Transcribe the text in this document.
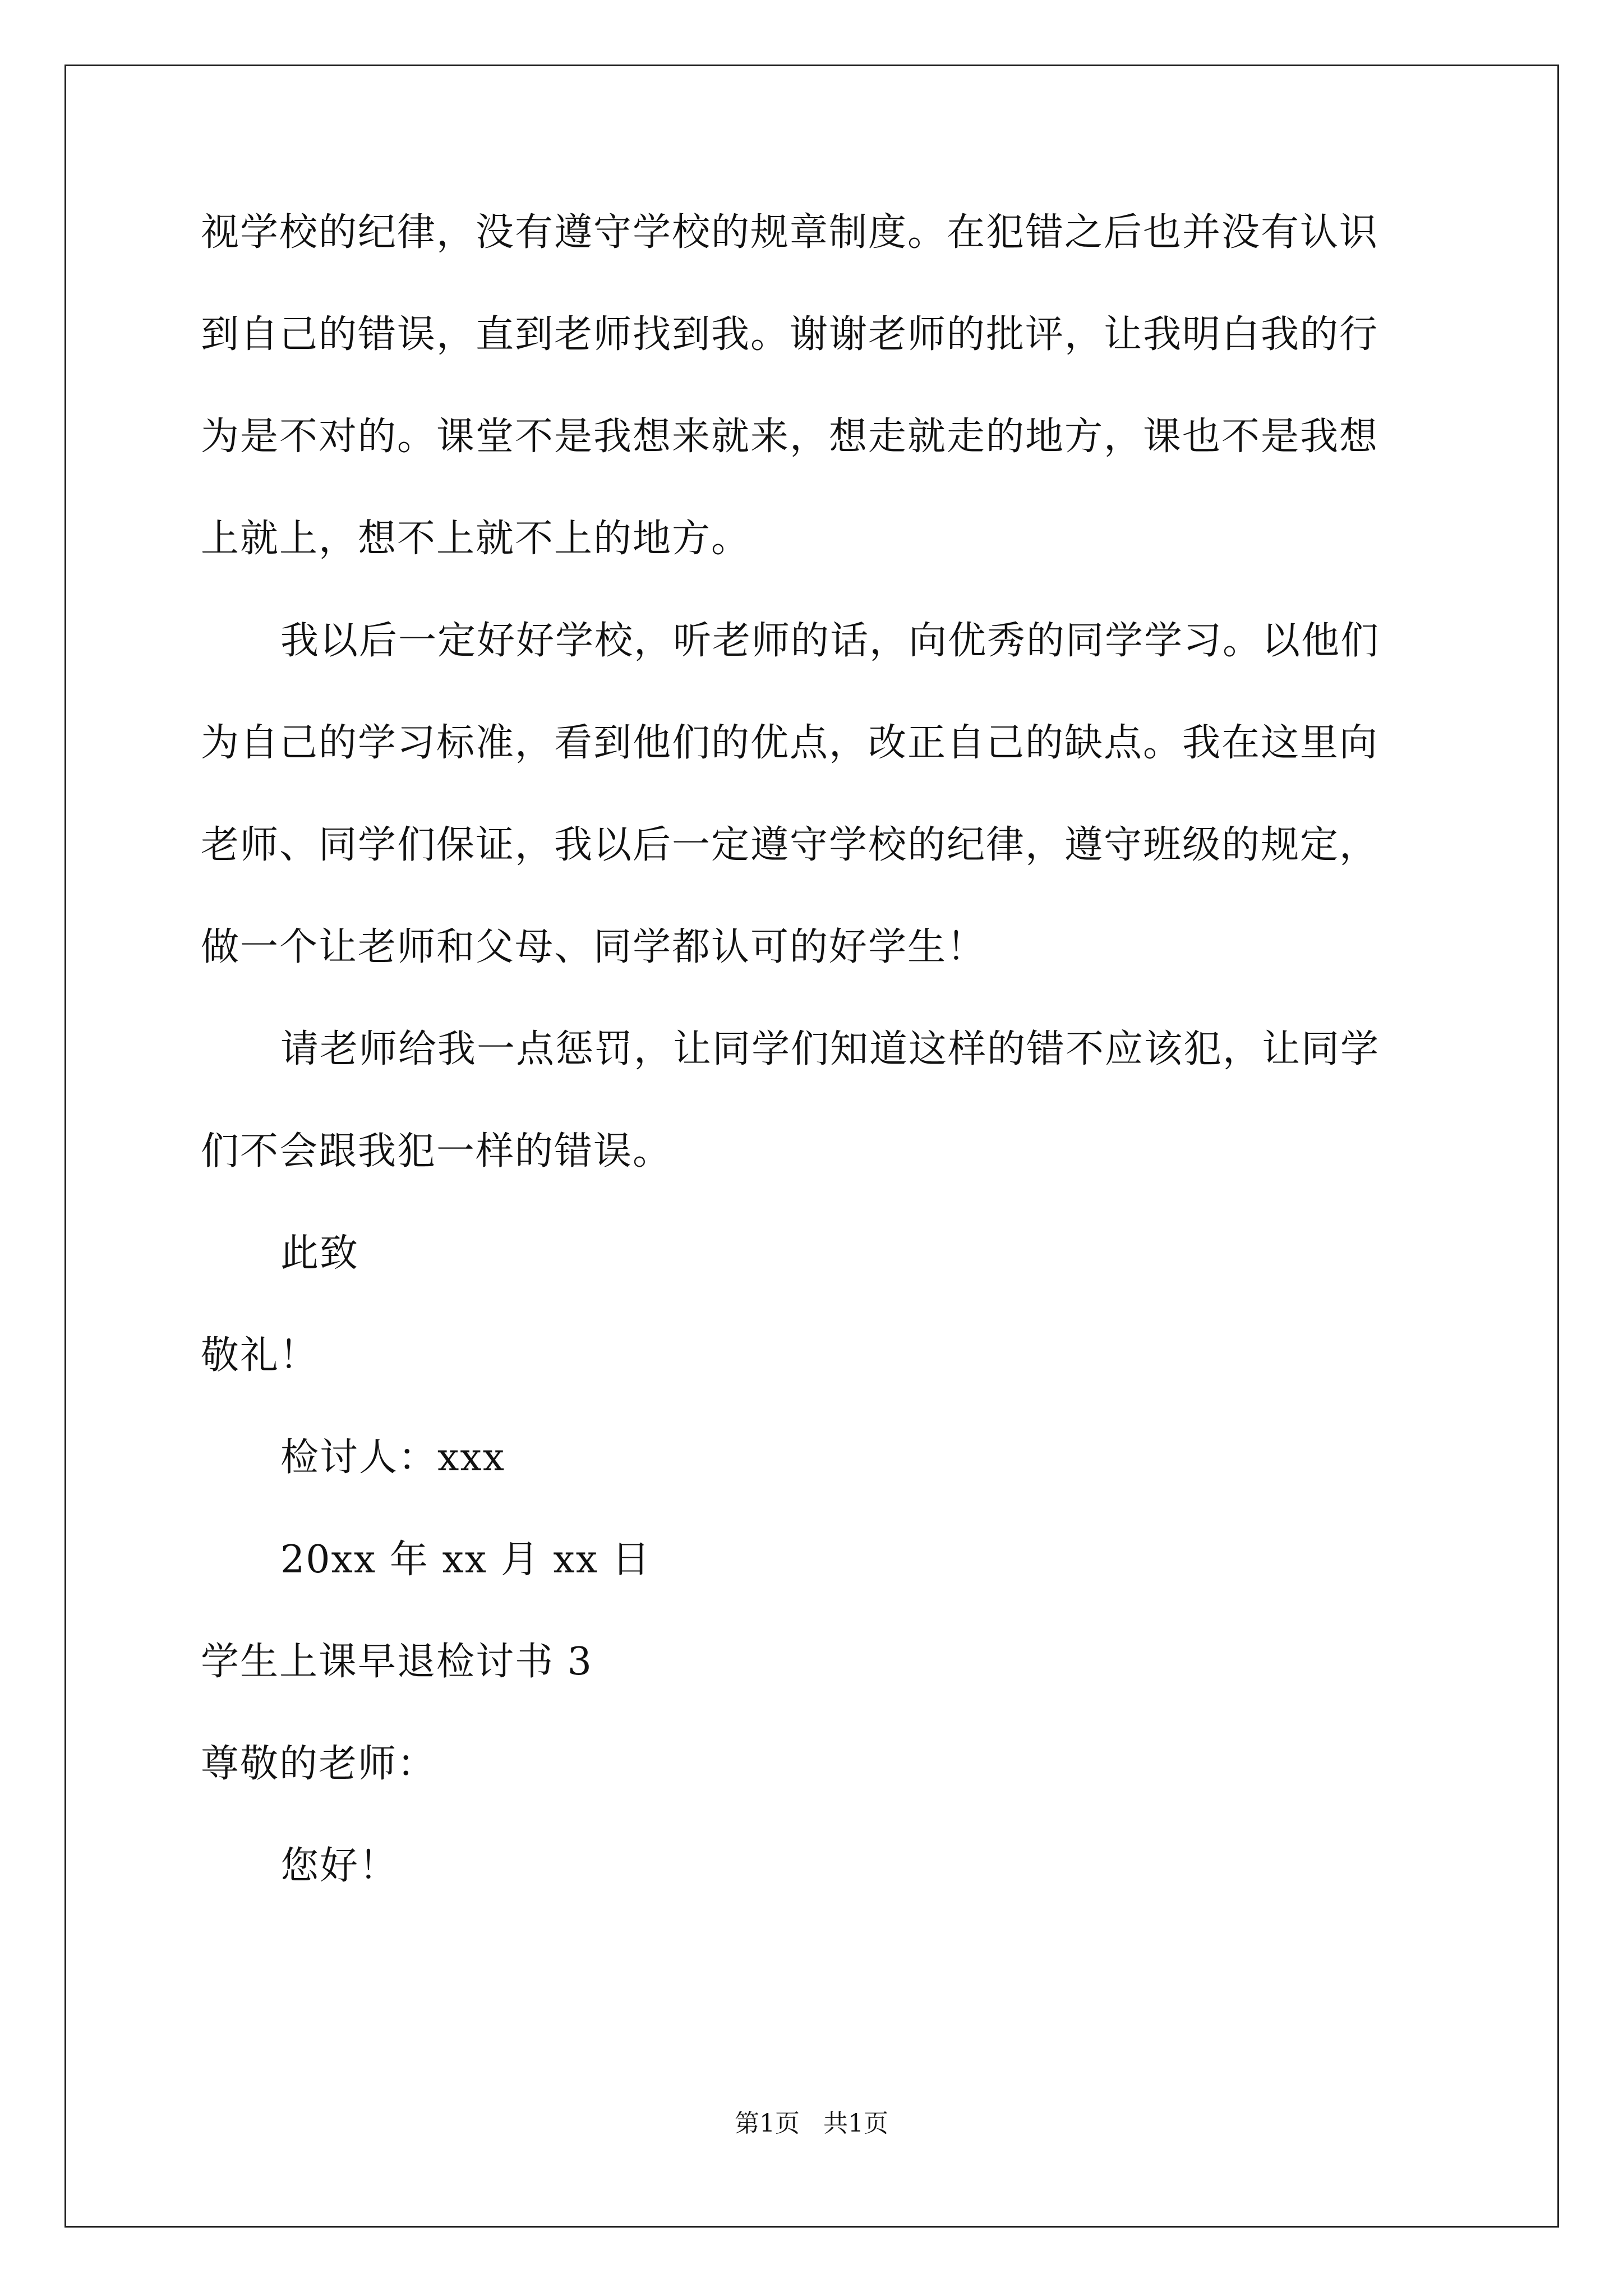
视学校的纪律，没有遵守学校的规章制度。在犯错之后也并没有认识
到自己的错误，直到老师找到我。谢谢老师的批评，让我明白我的行
为是不对的。课堂不是我想来就来，想走就走的地方，课也不是我想
上就上，想不上就不上的地方。
我以后一定好好学校，听老师的话，向优秀的同学学习。以他们
为自己的学习标准，看到他们的优点，改正自己的缺点。我在这里向
老师、同学们保证，我以后一定遵守学校的纪律，遵守班级的规定，
做一个让老师和父母、同学都认可的好学生！
请老师给我一点惩罚，让同学们知道这样的错不应该犯，让同学
们不会跟我犯一样的错误。
此致
敬礼！
检讨人：xxx
20xx 年 xx 月 xx 日
学生上课早退检讨书 3
尊敬的老师：
您好！
第1页   共1页
